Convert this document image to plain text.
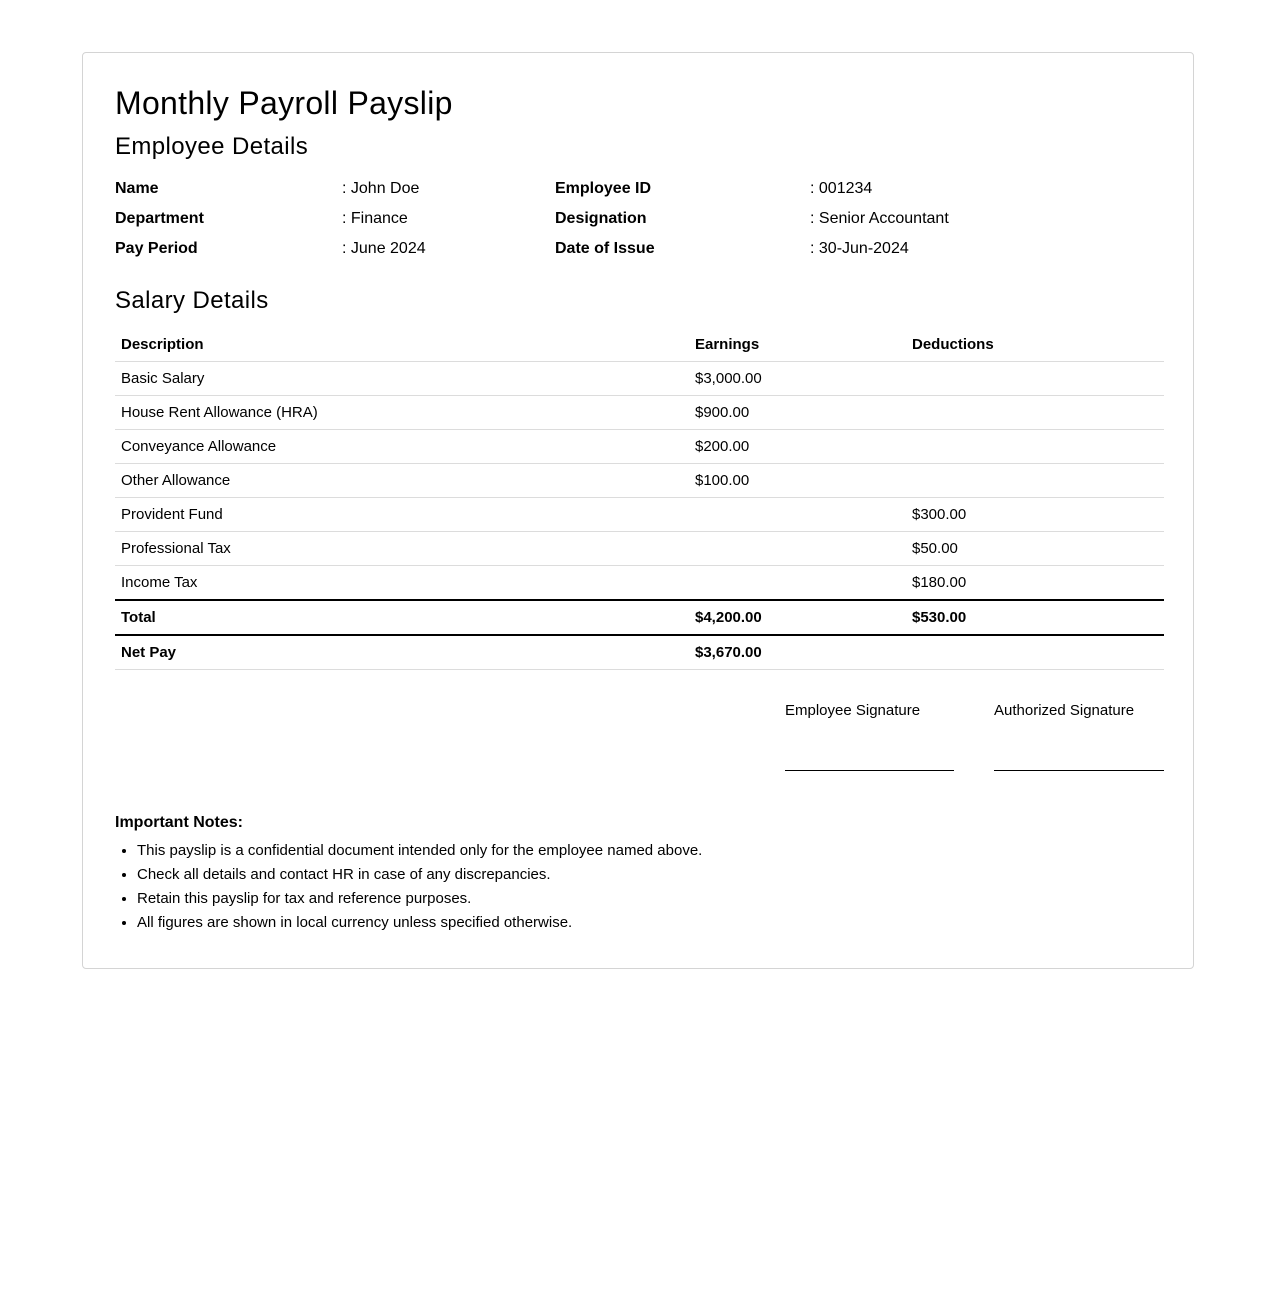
Monthly Payroll Payslip
Employee Details
Name	: John Doe	Employee ID	: 001234
Department	: Finance	Designation	: Senior Accountant
Pay Period	: June 2024	Date of Issue	: 30-Jun-2024
Salary Details
Description	Earnings	Deductions
Basic Salary	$3,000.00	
House Rent Allowance (HRA)	$900.00	
Conveyance Allowance	$200.00	
Other Allowance	$100.00	
Provident Fund		$300.00
Professional Tax		$50.00
Income Tax		$180.00
Total	$4,200.00	$530.00
Net Pay	$3,670.00	
Employee Signature	Authorized Signature
Important Notes:
• This payslip is a confidential document intended only for the employee named above.
• Check all details and contact HR in case of any discrepancies.
• Retain this payslip for tax and reference purposes.
• All figures are shown in local currency unless specified otherwise.
